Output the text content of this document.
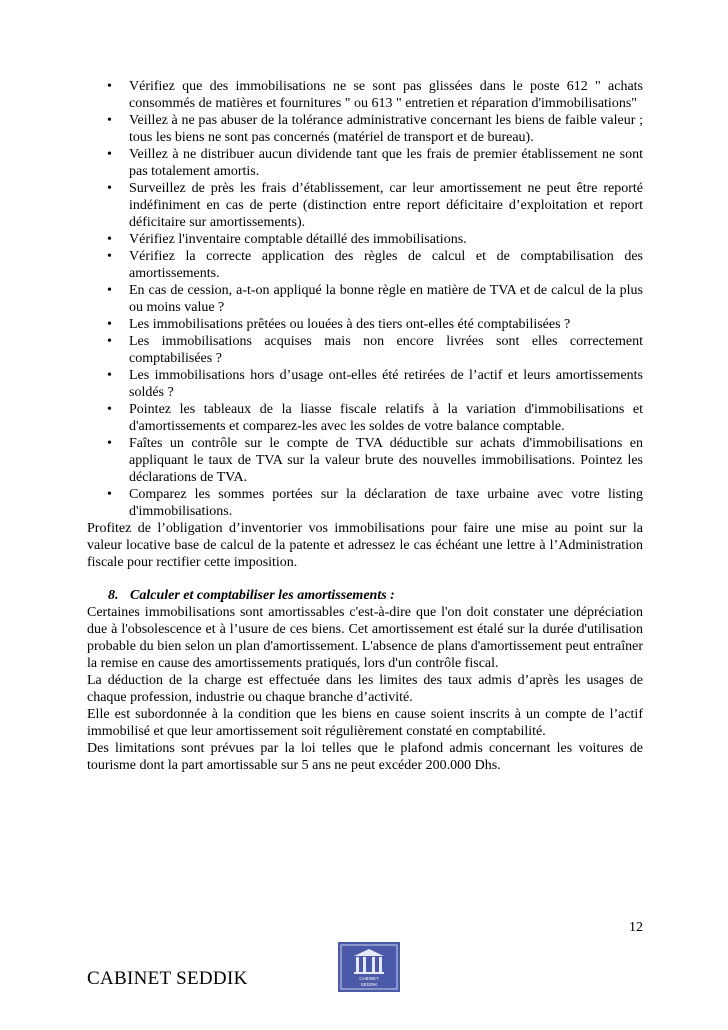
• Vérifiez que des immobilisations ne se sont pas glissées dans le poste 612 " achats consommés de matières et fournitures " ou 613 " entretien et réparation d'immobilisations"
• Veillez à ne pas abuser de la tolérance administrative concernant les biens de faible valeur ; tous les biens ne sont pas concernés (matériel de transport et de bureau).
• Veillez à ne distribuer aucun dividende tant que les frais de premier établissement ne sont pas totalement amortis.
• Surveillez de près les frais d’établissement, car leur amortissement ne peut être reporté indéfiniment en cas de perte (distinction entre report déficitaire d’exploitation et report déficitaire sur amortissements).
• Vérifiez l'inventaire comptable détaillé des immobilisations.
• Vérifiez la correcte application des règles de calcul et de comptabilisation des amortissements.
• En cas de cession, a-t-on appliqué la bonne règle en matière de TVA et de calcul de la plus ou moins value ?
• Les immobilisations prêtées ou louées à des tiers ont-elles été comptabilisées ?
• Les immobilisations acquises mais non encore livrées sont elles correctement comptabilisées ?
• Les immobilisations hors d’usage ont-elles été retirées de l’actif et leurs amortissements soldés ?
• Pointez les tableaux de la liasse fiscale relatifs à la variation d'immobilisations et d'amortissements et comparez-les avec les soldes de votre balance comptable.
• Faîtes un contrôle sur le compte de TVA déductible sur achats d'immobilisations en appliquant le taux de TVA sur la valeur brute des nouvelles immobilisations. Pointez les déclarations de TVA.
• Comparez les sommes portées sur la déclaration de taxe urbaine avec votre listing d'immobilisations.

Profitez de l’obligation d’inventorier vos immobilisations pour faire une mise au point sur la valeur locative base de calcul de la patente et adressez le cas échéant une lettre à l’Administration fiscale pour rectifier cette imposition.

8. Calculer et comptabiliser les amortissements :

Certaines immobilisations sont amortissables c'est-à-dire que l'on doit constater une dépréciation due à l'obsolescence et à l’usure de ces biens. Cet amortissement est étalé sur la durée d'utilisation probable du bien selon un plan d'amortissement. L'absence de plans d'amortissement peut entraîner la remise en cause des amortissements pratiqués, lors d'un contrôle fiscal.

La déduction de la charge est effectuée dans les limites des taux admis d’après les usages de chaque profession, industrie ou chaque branche d’activité.

Elle est subordonnée à la condition que les biens en cause soient inscrits à un compte de l’actif immobilisé et que leur amortissement soit régulièrement constaté en comptabilité.

Des limitations sont prévues par la loi telles que le plafond admis concernant les voitures de tourisme dont la part amortissable sur 5 ans ne peut excéder 200.000 Dhs.

12
CABINET
SEDDIK
CABINET SEDDIK
